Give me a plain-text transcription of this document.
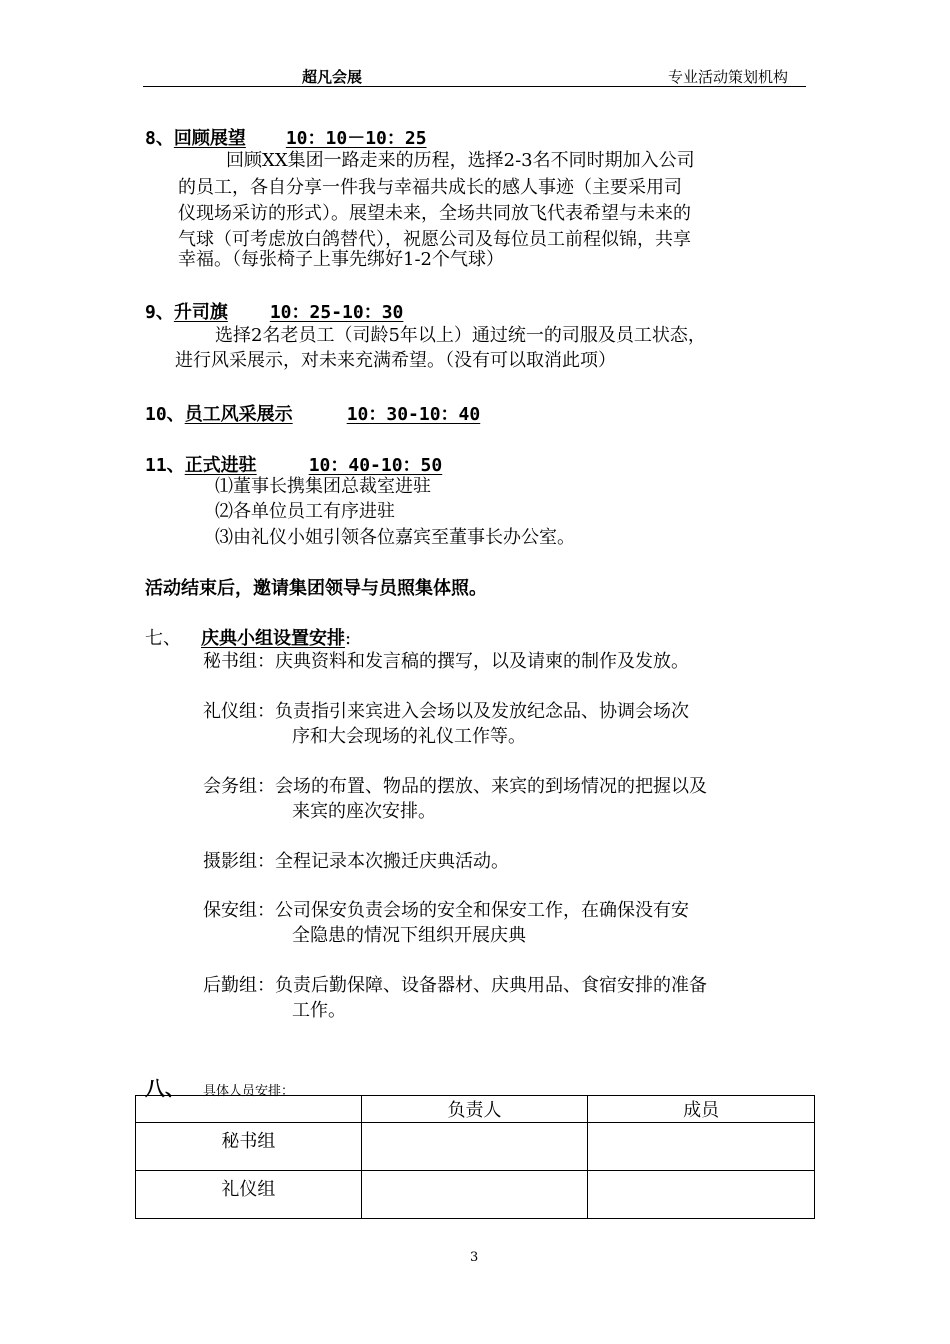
超凡会展	专业活动策划机构
8、回顾展望 10：10－10：25
回顾XX集团一路走来的历程，选择2-3名不同时期加入公司
的员工，各自分享一件我与幸福共成长的感人事迹（主要采用司
仪现场采访的形式）。展望未来，全场共同放飞代表希望与未来的
气球（可考虑放白鸽替代），祝愿公司及每位员工前程似锦，共享
幸福。（每张椅子上事先绑好1-2个气球）
9、升司旗 10：25-10：30
选择2名老员工（司龄5年以上）通过统一的司服及员工状态，
进行风采展示，对未来充满希望。（没有可以取消此项）
10、员工风采展示	10：30-10：40
11、正式进驻	10：40-10：50
⑴董事长携集团总裁室进驻
⑵各单位员工有序进驻
⑶由礼仪小姐引领各位嘉宾至董事长办公室。
活动结束后，邀请集团领导与员照集体照。
七、 庆典小组设置安排:
秘书组：庆典资料和发言稿的撰写，以及请柬的制作及发放。
礼仪组：负责指引来宾进入会场以及发放纪念品、协调会场次
序和大会现场的礼仪工作等。
会务组：会场的布置、物品的摆放、来宾的到场情况的把握以及
来宾的座次安排。
摄影组：全程记录本次搬迁庆典活动。
保安组：公司保安负责会场的安全和保安工作，在确保没有安
全隐患的情况下组织开展庆典
后勤组：负责后勤保障、设备器材、庆典用品、食宿安排的准备
工作。
八、 具体人员安排：
	负责人	成员
秘书组		
礼仪组		
3
